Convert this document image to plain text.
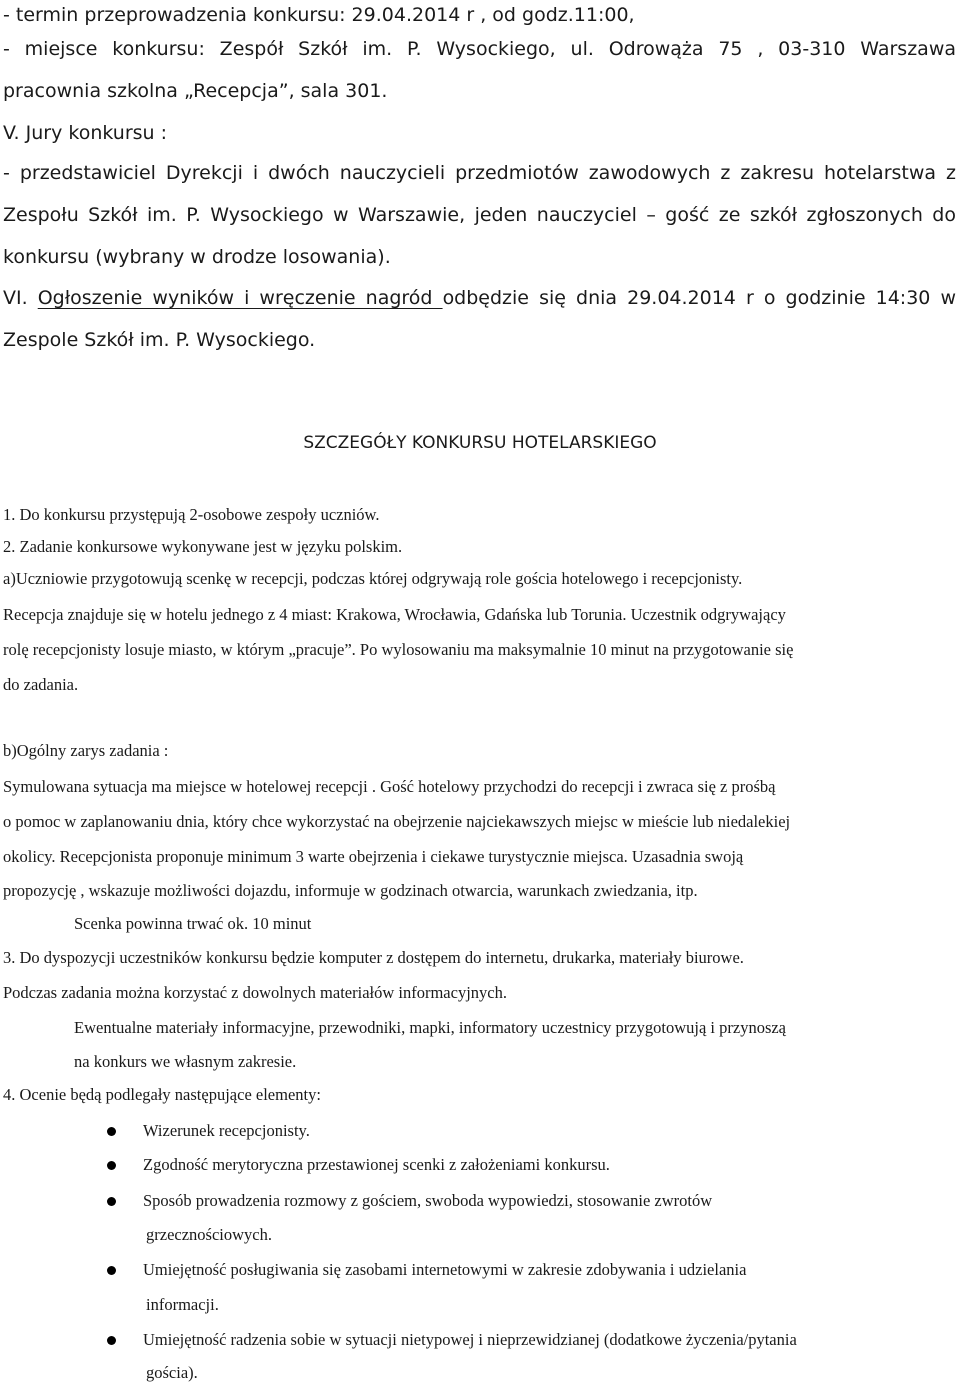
- termin przeprowadzenia konkursu: 29.04.2014 r , od godz.11:00,
- miejsce konkursu: Zespół Szkół im. P. Wysockiego, ul. Odrowąża 75 , 03-310 Warszawa
pracownia szkolna „Recepcja”, sala 301.
V. Jury konkursu :
- przedstawiciel Dyrekcji i dwóch nauczycieli przedmiotów zawodowych z zakresu hotelarstwa z
Zespołu Szkół im. P. Wysockiego w Warszawie, jeden nauczyciel – gość ze szkół zgłoszonych do
konkursu (wybrany w drodze losowania).
VI. Ogłoszenie wyników i wręczenie nagród odbędzie się dnia 29.04.2014 r o godzinie 14:30 w
Zespole Szkół im. P. Wysockiego.
SZCZEGÓŁY KONKURSU HOTELARSKIEGO
1. Do konkursu przystępują 2-osobowe zespoły uczniów.
2. Zadanie konkursowe wykonywane jest w języku polskim.
a)Uczniowie przygotowują scenkę w recepcji, podczas której odgrywają role gościa hotelowego i recepcjonisty.
Recepcja znajduje się w hotelu jednego z 4 miast: Krakowa, Wrocławia, Gdańska lub Torunia. Uczestnik odgrywający
rolę recepcjonisty losuje miasto, w którym „pracuje”. Po wylosowaniu ma maksymalnie 10 minut na przygotowanie się
do zadania.
b)Ogólny zarys zadania :
Symulowana sytuacja ma miejsce w hotelowej recepcji . Gość hotelowy przychodzi do recepcji i zwraca się z prośbą
o pomoc w zaplanowaniu dnia, który chce wykorzystać na obejrzenie najciekawszych miejsc w mieście lub niedalekiej
okolicy. Recepcjonista proponuje minimum 3 warte obejrzenia i ciekawe turystycznie miejsca. Uzasadnia swoją
propozycję , wskazuje możliwości dojazdu, informuje w godzinach otwarcia, warunkach zwiedzania, itp.
Scenka powinna trwać ok. 10 minut
3. Do dyspozycji uczestników konkursu będzie komputer z dostępem do internetu, drukarka, materiały biurowe.
Podczas zadania można korzystać z dowolnych materiałów informacyjnych.
Ewentualne materiały informacyjne, przewodniki, mapki, informatory uczestnicy przygotowują i przynoszą
na konkurs we własnym zakresie.
4. Ocenie będą podlegały następujące elementy:
Wizerunek recepcjonisty.
Zgodność merytoryczna przestawionej scenki z założeniami konkursu.
Sposób prowadzenia rozmowy z gościem, swoboda wypowiedzi, stosowanie zwrotów
grzecznościowych.
Umiejętność posługiwania się zasobami internetowymi w zakresie zdobywania i udzielania
informacji.
Umiejętność radzenia sobie w sytuacji nietypowej i nieprzewidzianej (dodatkowe życzenia/pytania
gościa).
